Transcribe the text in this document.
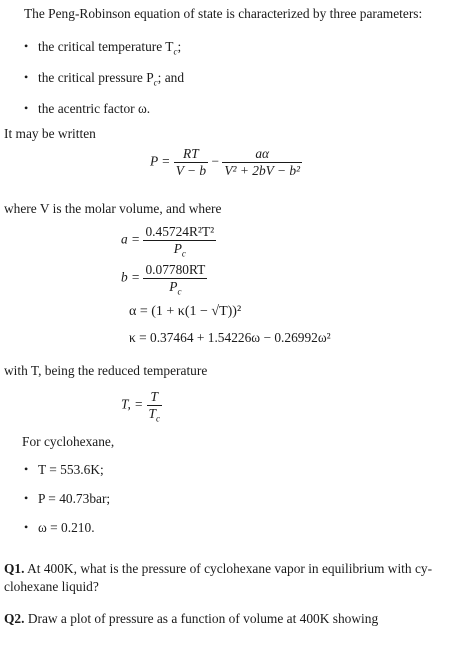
The Peng-Robinson equation of state is characterized by three parameters:
• the critical temperature $T_c$;
• the critical pressure $P_c$; and
• the acentric factor ω.
It may be written
$P = \frac{RT}{V - b} - \frac{a\alpha}{\text{V² + 2bV − b²}}$
where V is the molar volume, and where
$a = \frac{\text{0.45724R²T²}}{P_c}$
$b = \frac{0.07780RT}{P_c}$
α = (1 + κ(1 − √T))²
κ = 0.37464 + 1.54226ω − 0.26992ω²
with T, being the reduced temperature
T, = $\frac{T}{T_c}$
For cyclohexane,
• T = 553.6K;
• P = 40.73bar;
• ω = 0.210.
Q1. At 400K, what is the pressure of cyclohexane vapor in equilibrium with cy-
clohexane liquid?
Q2. Draw a plot of pressure as a function of volume at 400K showing
